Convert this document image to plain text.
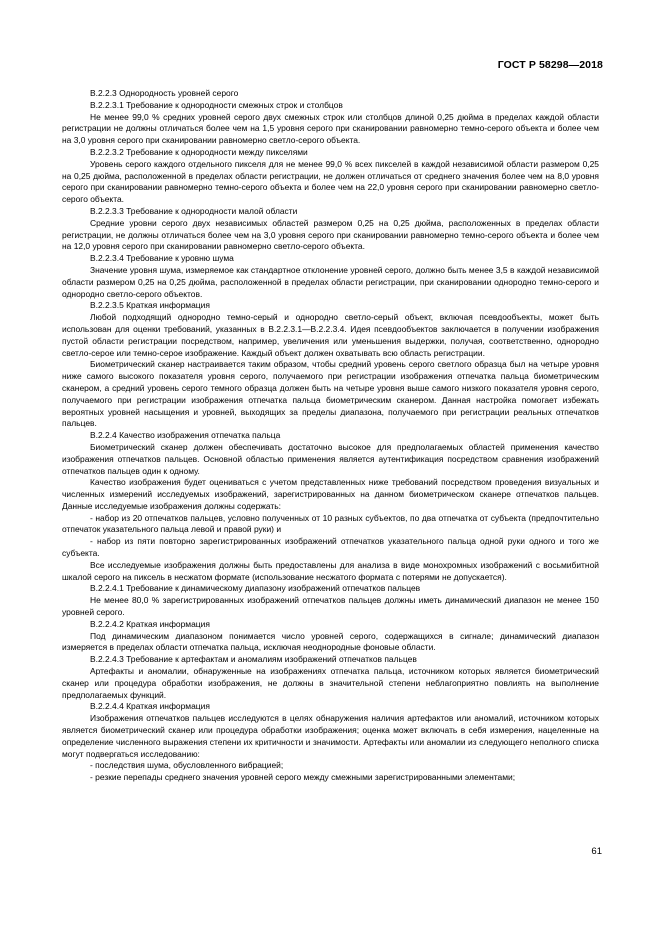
ГОСТ Р 58298—2018

В.2.2.3 Однородность уровней серого

В.2.2.3.1 Требование к однородности смежных строк и столбцов

Не менее 99,0 % средних уровней серого двух смежных строк или столбцов длиной 0,25 дюйма в пределах каждой области регистрации не должны отличаться более чем на 1,5 уровня серого при сканировании равномерно темно-серого объекта и более чем на 3,0 уровня серого при сканировании равномерно светло-серого объекта.

В.2.2.3.2 Требование к однородности между пикселями

Уровень серого каждого отдельного пикселя для не менее 99,0 % всех пикселей в каждой независимой области размером 0,25 на 0,25 дюйма, расположенной в пределах области регистрации, не должен отличаться от среднего значения более чем на 8,0 уровня серого при сканировании равномерно темно-серого объекта и более чем на 22,0 уровня серого при сканировании равномерно светло-серого объекта.

В.2.2.3.3 Требование к однородности малой области

Средние уровни серого двух независимых областей размером 0,25 на 0,25 дюйма, расположенных в пределах области регистрации, не должны отличаться более чем на 3,0 уровня серого при сканировании равномерно темно-серого объекта и более чем на 12,0 уровня серого при сканировании равномерно светло-серого объекта.

В.2.2.3.4 Требование к уровню шума

Значение уровня шума, измеряемое как стандартное отклонение уровней серого, должно быть менее 3,5 в каждой независимой области размером 0,25 на 0,25 дюйма, расположенной в пределах области регистрации, при сканировании однородно темно-серого и однородно светло-серого объектов.

В.2.2.3.5 Краткая информация

Любой подходящий однородно темно-серый и однородно светло-серый объект, включая псевдообъекты, может быть использован для оценки требований, указанных в В.2.2.3.1—В.2.2.3.4. Идея псевдообъектов заключается в получении изображения пустой области регистрации посредством, например, увеличения или уменьшения выдержки, получая, соответственно, однородно светло-серое или темно-серое изображение. Каждый объект должен охватывать всю область регистрации.

Биометрический сканер настраивается таким образом, чтобы средний уровень серого светлого образца был на четыре уровня ниже самого высокого показателя уровня серого, получаемого при регистрации изображения отпечатка пальца биометрическим сканером, а средний уровень серого темного образца должен быть на четыре уровня выше самого низкого показателя уровня серого, получаемого при регистрации изображения отпечатка пальца биометрическим сканером. Данная настройка помогает избежать вероятных уровней насыщения и уровней, выходящих за пределы диапазона, получаемого при регистрации реальных отпечатков пальцев.

В.2.2.4 Качество изображения отпечатка пальца

Биометрический сканер должен обеспечивать достаточно высокое для предполагаемых областей применения качество изображения отпечатков пальцев. Основной областью применения является аутентификация посредством сравнения изображений отпечатков пальцев один к одному.

Качество изображения будет оцениваться с учетом представленных ниже требований посредством проведения визуальных и численных измерений исследуемых изображений, зарегистрированных на данном биометрическом сканере отпечатков пальцев. Данные исследуемые изображения должны содержать:

- набор из 20 отпечатков пальцев, условно полученных от 10 разных субъектов, по два отпечатка от субъекта (предпочтительно отпечаток указательного пальца левой и правой руки) и

- набор из пяти повторно зарегистрированных изображений отпечатков указательного пальца одной руки одного и того же субъекта.

Все исследуемые изображения должны быть предоставлены для анализа в виде монохромных изображений с восьмибитной шкалой серого на пиксель в несжатом формате (использование несжатого формата с потерями не допускается).

В.2.2.4.1 Требование к динамическому диапазону изображений отпечатков пальцев

Не менее 80,0 % зарегистрированных изображений отпечатков пальцев должны иметь динамический диапазон не менее 150 уровней серого.

В.2.2.4.2 Краткая информация

Под динамическим диапазоном понимается число уровней серого, содержащихся в сигнале; динамический диапазон измеряется в пределах области отпечатка пальца, исключая неоднородные фоновые области.

В.2.2.4.3 Требование к артефактам и аномалиям изображений отпечатков пальцев

Артефакты и аномалии, обнаруженные на изображениях отпечатка пальца, источником которых является биометрический сканер или процедура обработки изображения, не должны в значительной степени неблагоприятно повлиять на выполнение предполагаемых функций.

В.2.2.4.4 Краткая информация

Изображения отпечатков пальцев исследуются в целях обнаружения наличия артефактов или аномалий, источником которых является биометрический сканер или процедура обработки изображения; оценка может включать в себя измерения, нацеленные на определение численного выражения степени их критичности и значимости. Артефакты или аномалии из следующего неполного списка могут подвергаться исследованию:

- последствия шума, обусловленного вибрацией;

- резкие перепады среднего значения уровней серого между смежными зарегистрированными элементами;

61
